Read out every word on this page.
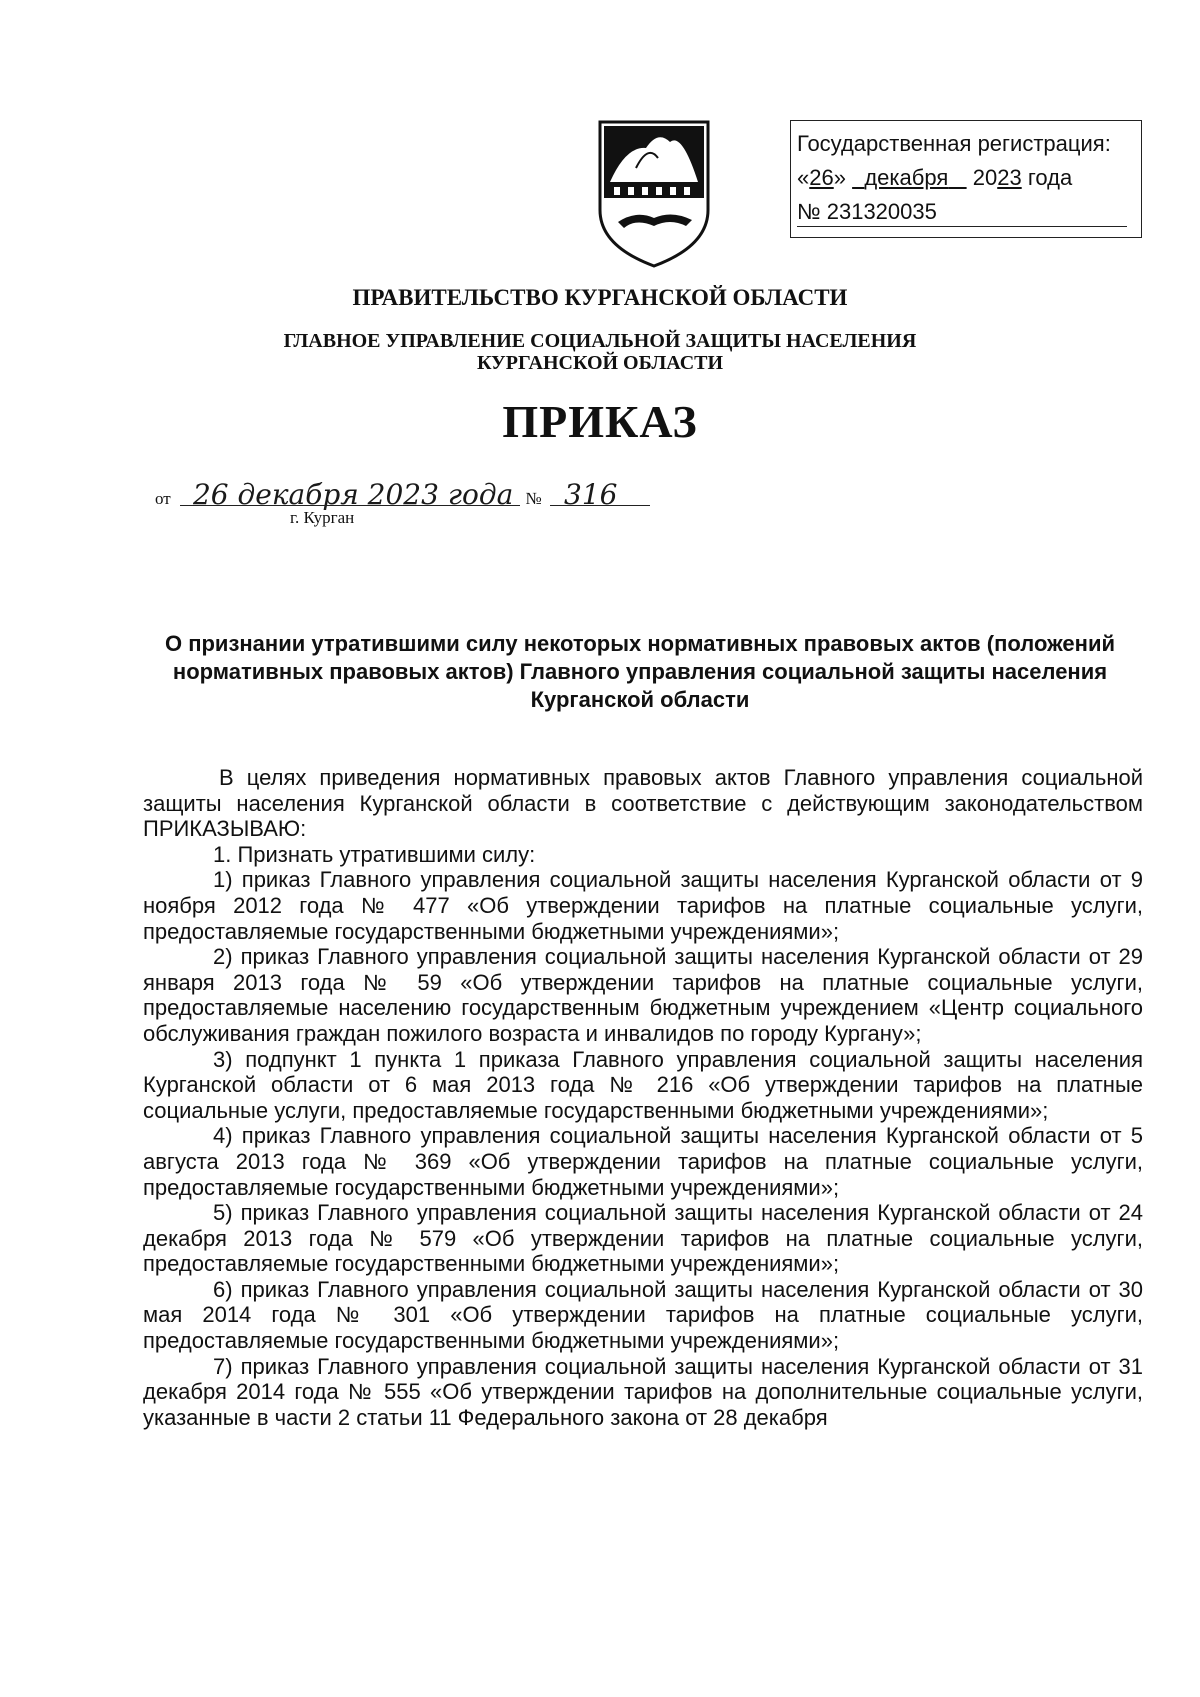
Государственная регистрация:
«26» декабря 2023 года
№ 231320035
ПРАВИТЕЛЬСТВО КУРГАНСКОЙ ОБЛАСТИ
ГЛАВНОЕ УПРАВЛЕНИЕ СОЦИАЛЬНОЙ ЗАЩИТЫ НАСЕЛЕНИЯ
КУРГАНСКОЙ ОБЛАСТИ
ПРИКАЗ
от 26 декабря 2023 года № 316
г. Курган
О признании утратившими силу некоторых нормативных правовых актов (положений нормативных правовых актов) Главного управления социальной защиты населения Курганской области

В целях приведения нормативных правовых актов Главного управления социальной защиты населения Курганской области в соответствие с действующим законодательством ПРИКАЗЫВАЮ:

1. Признать утратившими силу:

1) приказ Главного управления социальной защиты населения Курганской области от 9 ноября 2012 года № 477 «Об утверждении тарифов на платные социальные услуги, предоставляемые государственными бюджетными учреждениями»;

2) приказ Главного управления социальной защиты населения Курганской области от 29 января 2013 года № 59 «Об утверждении тарифов на платные социальные услуги, предоставляемые населению государственным бюджетным учреждением «Центр социального обслуживания граждан пожилого возраста и инвалидов по городу Кургану»;

3) подпункт 1 пункта 1 приказа Главного управления социальной защиты населения Курганской области от 6 мая 2013 года № 216 «Об утверждении тарифов на платные социальные услуги, предоставляемые государственными бюджетными учреждениями»;

4) приказ Главного управления социальной защиты населения Курганской области от 5 августа 2013 года № 369 «Об утверждении тарифов на платные социальные услуги, предоставляемые государственными бюджетными учреждениями»;

5) приказ Главного управления социальной защиты населения Курганской области от 24 декабря 2013 года № 579 «Об утверждении тарифов на платные социальные услуги, предоставляемые государственными бюджетными учреждениями»;

6) приказ Главного управления социальной защиты населения Курганской области от 30 мая 2014 года № 301 «Об утверждении тарифов на платные социальные услуги, предоставляемые государственными бюджетными учреждениями»;

7) приказ Главного управления социальной защиты населения Курганской области от 31 декабря 2014 года № 555 «Об утверждении тарифов на дополнительные социальные услуги, указанные в части 2 статьи 11 Федерального закона от 28 декабря
